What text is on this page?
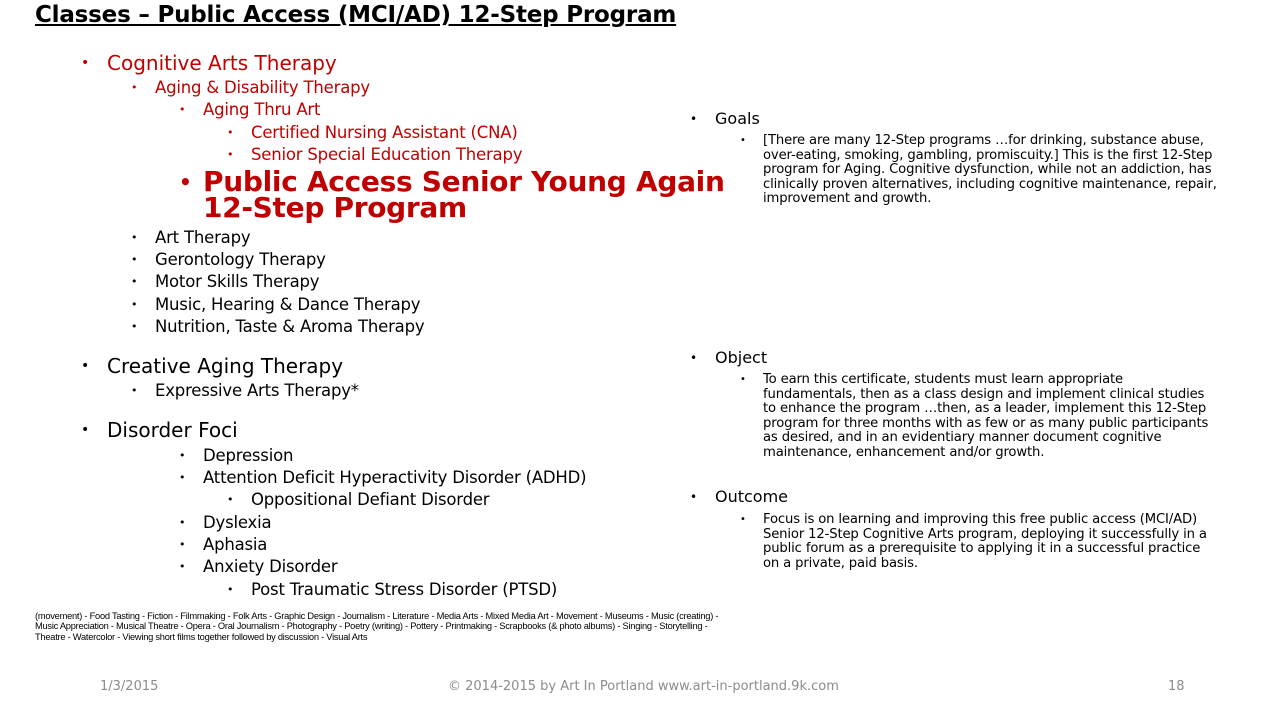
Classes – Public Access (MCI/AD) 12-Step Program
• Cognitive Arts Therapy
• Aging & Disability Therapy
• Aging Thru Art
• Certified Nursing Assistant (CNA)
• Senior Special Education Therapy
• Public Access Senior Young Again
12-Step Program
• Art Therapy
• Gerontology Therapy
• Motor Skills Therapy
• Music, Hearing & Dance Therapy
• Nutrition, Taste & Aroma Therapy
• Creative Aging Therapy
• Expressive Arts Therapy*
• Disorder Foci
• Depression
• Attention Deficit Hyperactivity Disorder (ADHD)
• Oppositional Defiant Disorder
• Dyslexia
• Aphasia
• Anxiety Disorder
• Post Traumatic Stress Disorder (PTSD)
(movement) - Food Tasting - Fiction - Filmmaking - Folk Arts - Graphic Design - Journalism - Literature - Media Arts - Mixed Media Art - Movement - Museums - Music (creating) - Music Appreciation - Musical Theatre - Opera - Oral Journalism - Photography - Poetry (writing) - Pottery - Printmaking - Scrapbooks (& photo albums) - Singing - Storytelling - Theatre - Watercolor - Viewing short films together followed by discussion - Visual Arts
• Goals
• [There are many 12-Step programs …for drinking, substance abuse, over-eating, smoking, gambling, promiscuity.] This is the first 12-Step program for Aging. Cognitive dysfunction, while not an addiction, has clinically proven alternatives, including cognitive maintenance, repair, improvement and growth.
• Object
• To earn this certificate, students must learn appropriate fundamentals, then as a class design and implement clinical studies to enhance the program …then, as a leader, implement this 12-Step program for three months with as few or as many public participants as desired, and in an evidentiary manner document cognitive maintenance, enhancement and/or growth.
• Outcome
• Focus is on learning and improving this free public access (MCI/AD) Senior 12-Step Cognitive Arts program, deploying it successfully in a public forum as a prerequisite to applying it in a successful practice on a private, paid basis.
1/3/2015	© 2014-2015 by Art In Portland www.art-in-portland.9k.com	18
